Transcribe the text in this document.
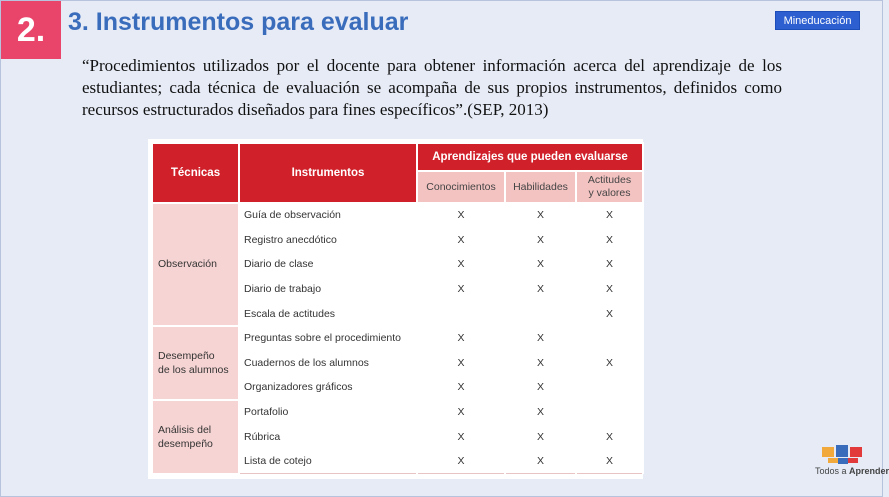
2. 3. Instrumentos para evaluar	Mineducación

“Procedimientos utilizados por el docente para obtener información acerca del aprendizaje de los estudiantes; cada técnica de evaluación se acompaña de sus propios instrumentos, definidos como recursos estructurados diseñados para fines específicos”.(SEP, 2013)

Técnicas	Instrumentos	Aprendizajes que pueden evaluarse		
		Conocimientos	Habilidades	Actitudes
y valores
Observación	Guía de observación	X	X	X
	Registro anecdótico	X	X	X
	Diario de clase	X	X	X
	Diario de trabajo	X	X	X
	Escala de actitudes			X
Desempeño
de los alumnos	Preguntas sobre el procedimiento	X	X	
	Cuadernos de los alumnos	X	X	X
	Organizadores gráficos	X	X	
Análisis del
desempeño	Portafolio	X	X	
	Rúbrica	X	X	X
	Lista de cotejo	X	X	X
Todos a Aprender
